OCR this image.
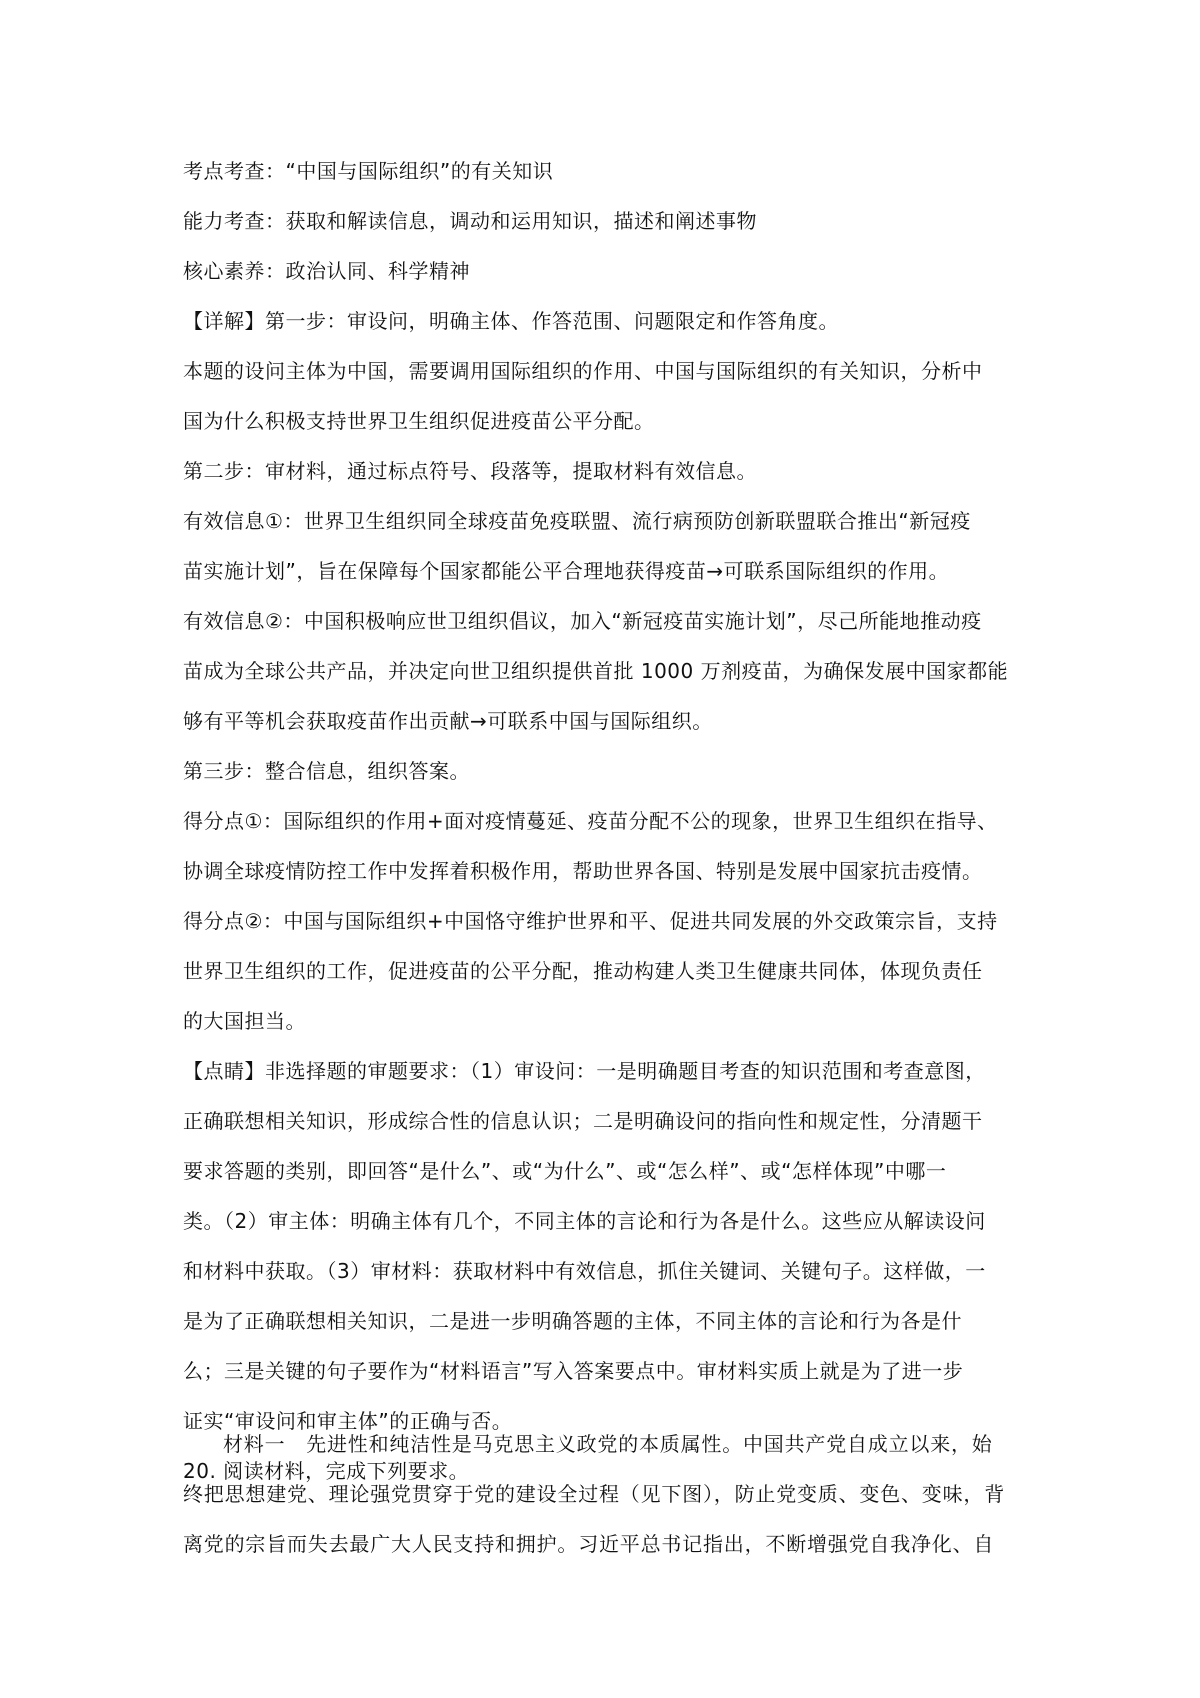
考点考查：“中国与国际组织”的有关知识
能力考查：获取和解读信息，调动和运用知识，描述和阐述事物
核心素养：政治认同、科学精神
【详解】第一步：审设问，明确主体、作答范围、问题限定和作答角度。
本题的设问主体为中国，需要调用国际组织的作用、中国与国际组织的有关知识，分析中
国为什么积极支持世界卫生组织促进疫苗公平分配。
第二步：审材料，通过标点符号、段落等，提取材料有效信息。
有效信息①：世界卫生组织同全球疫苗免疫联盟、流行病预防创新联盟联合推出“新冠疫
苗实施计划”，旨在保障每个国家都能公平合理地获得疫苗→可联系国际组织的作用。
有效信息②：中国积极响应世卫组织倡议，加入“新冠疫苗实施计划”，尽己所能地推动疫
苗成为全球公共产品，并决定向世卫组织提供首批 1000 万剂疫苗，为确保发展中国家都能
够有平等机会获取疫苗作出贡献→可联系中国与国际组织。
第三步：整合信息，组织答案。
得分点①：国际组织的作用+面对疫情蔓延、疫苗分配不公的现象，世界卫生组织在指导、
协调全球疫情防控工作中发挥着积极作用，帮助世界各国、特别是发展中国家抗击疫情。
得分点②：中国与国际组织+中国恪守维护世界和平、促进共同发展的外交政策宗旨，支持
世界卫生组织的工作，促进疫苗的公平分配，推动构建人类卫生健康共同体，体现负责任
的大国担当。
【点睛】非选择题的审题要求：（1）审设问：一是明确题目考查的知识范围和考查意图，
正确联想相关知识，形成综合性的信息认识；二是明确设问的指向性和规定性，分清题干
要求答题的类别，即回答“是什么”、或“为什么”、或“怎么样”、或“怎样体现”中哪一
类。（2）审主体：明确主体有几个，不同主体的言论和行为各是什么。这些应从解读设问
和材料中获取。（3）审材料：获取材料中有效信息，抓住关键词、关键句子。这样做，一
是为了正确联想相关知识，二是进一步明确答题的主体，不同主体的言论和行为各是什
么；三是关键的句子要作为“材料语言”写入答案要点中。审材料实质上就是为了进一步
证实“审设问和审主体”的正确与否。
20. 阅读材料，完成下列要求。
材料一　先进性和纯洁性是马克思主义政党的本质属性。中国共产党自成立以来，始
终把思想建党、理论强党贯穿于党的建设全过程（见下图），防止党变质、变色、变味，背
离党的宗旨而失去最广大人民支持和拥护。习近平总书记指出，不断增强党自我净化、自
